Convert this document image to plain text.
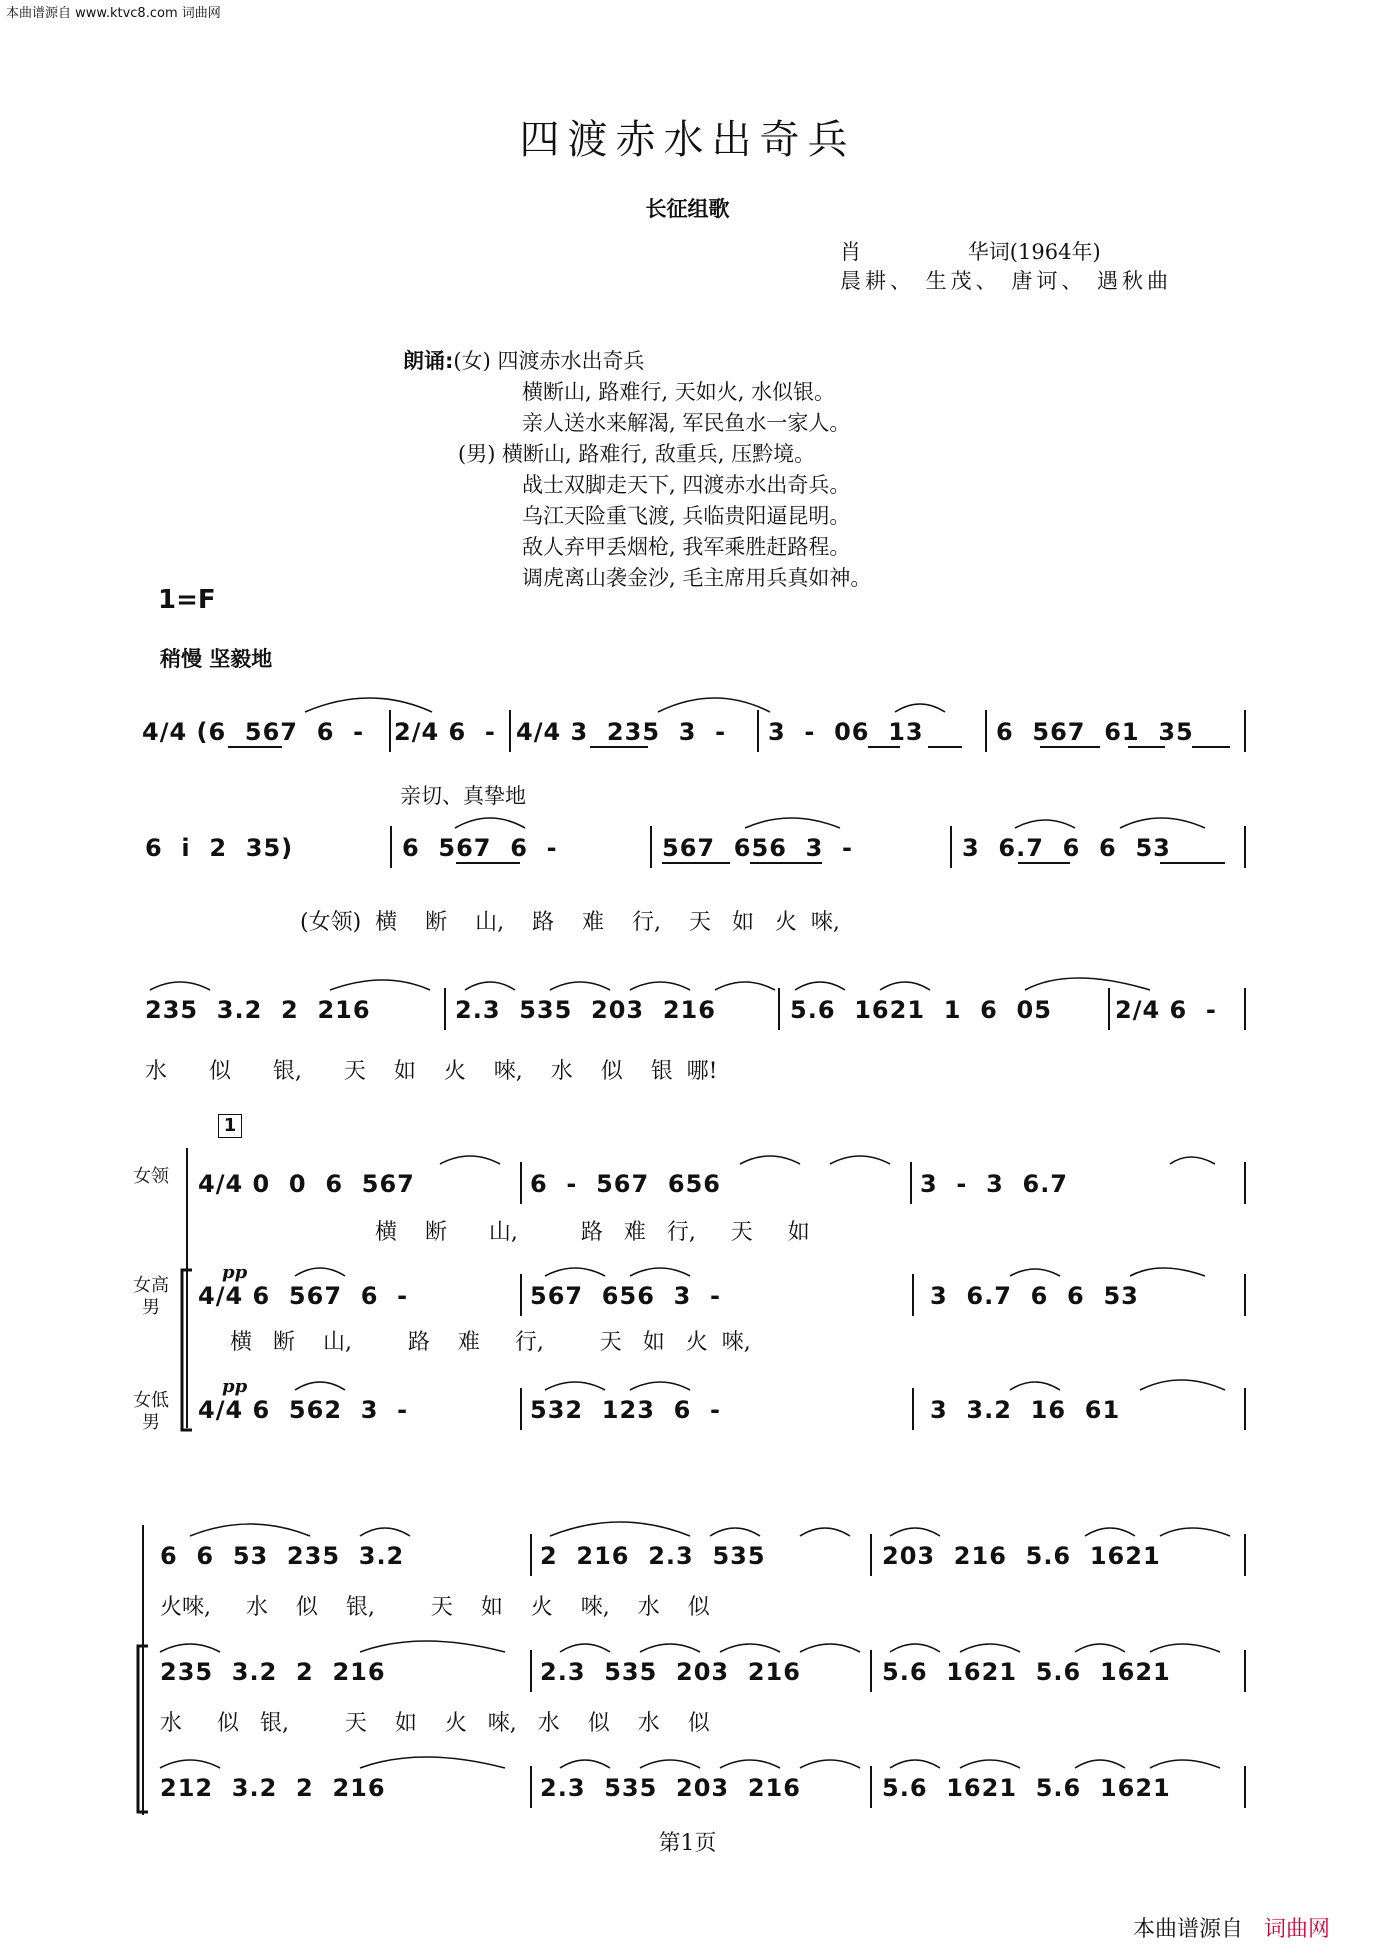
本曲谱源自 www.ktvc8.com 词曲网
四渡赤水出奇兵
长征组歌
肖                华词(1964年)
晨耕、 生茂、 唐诃、 遇秋曲
朗诵:(女) 四渡赤水出奇兵
横断山, 路难行, 天如火, 水似银。
亲人送水来解渴, 军民鱼水一家人。
(男) 横断山, 路难行, 敌重兵, 压黔境。
战士双脚走天下, 四渡赤水出奇兵。
乌江天险重飞渡, 兵临贵阳逼昆明。
敌人弃甲丢烟枪, 我军乘胜赶路程。
调虎离山袭金沙, 毛主席用兵真如神。
1=F
稍慢 坚毅地
4/4 (6  567  6  - 2/4 6  - 4/4 3  235  3  - 3  -  06  13	6  567  61  35
亲切、真挚地
6  i  2  35)	6  567  6  -	567  656  3  -	3  6.7  6  6  53
(女领)  横    断    山,    路    难    行,    天   如   火  唻,
235  3.2  2  216	2.3  535  203  216	5.6  1621  1  6  05	2/4 6  -
水      似      银,      天    如    火    唻,    水    似    银  哪!
1
女领
女高
男
女低
男
4/4 0  0  6  567	6  -  567  656	3  -  3  6.7
横    断      山,         路   难   行,     天     如
pp
4/4 6  567  6  -	567  656  3  -	3  6.7  6  6  53
横   断    山,        路    难     行,        天   如   火  唻,
pp
4/4 6  562  3  -	532  123  6  -	3  3.2  16  61
6  6  53  235  3.2	2  216  2.3  535	203  216  5.6  1621
火唻,     水    似    银,        天    如    火    唻,    水    似
235  3.2  2  216	2.3  535  203  216	5.6  1621  5.6  1621
水     似   银,        天    如    火   唻,   水    似    水    似
212  3.2  2  216	2.3  535  203  216	5.6  1621  5.6  1621
第1页
本曲谱源自 词曲网
